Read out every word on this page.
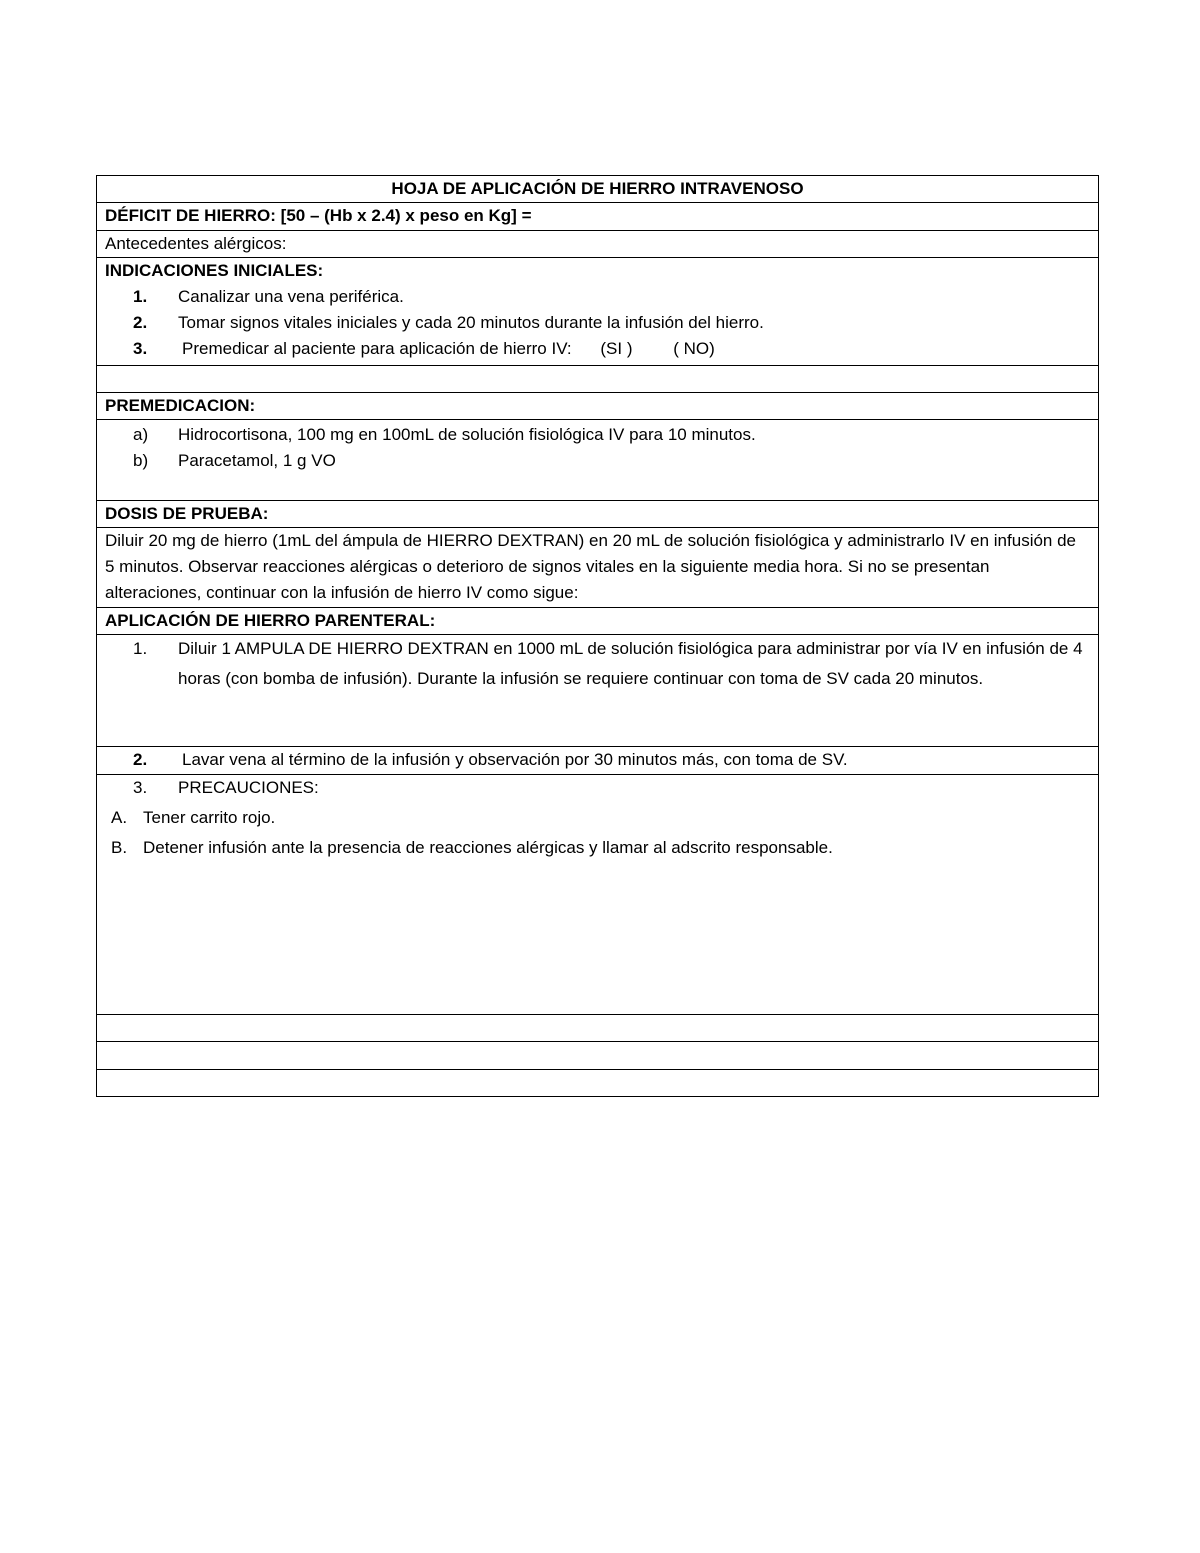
HOJA DE APLICACIÓN DE HIERRO INTRAVENOSO
DÉFICIT DE HIERRO: [50 – (Hb x 2.4) x peso en Kg] =
Antecedentes alérgicos:

INDICACIONES INICIALES:
1.	Canalizar una vena periférica.
2.	Tomar signos vitales iniciales y cada 20 minutos durante la infusión del hierro.
3.	Premedicar al paciente para aplicación de hierro IV: (SI ) ( NO)

PREMEDICACION:

a)	Hidrocortisona, 100 mg en 100mL de solución fisiológica IV para 10 minutos.
b)	Paracetamol, 1 g VO

DOSIS DE PRUEBA:
Diluir 20 mg de hierro (1mL del ámpula de HIERRO DEXTRAN) en 20 mL de solución fisiológica y administrarlo IV en infusión de 5 minutos. Observar reacciones alérgicas o deterioro de signos vitales en la siguiente media hora. Si no se presentan alteraciones, continuar con la infusión de hierro IV como sigue:
APLICACIÓN DE HIERRO PARENTERAL:

1.	Diluir 1 AMPULA DE HIERRO DEXTRAN en 1000 mL de solución fisiológica para administrar por vía IV en infusión de 4 horas (con bomba de infusión). Durante la infusión se requiere continuar con toma de SV cada 20 minutos.

2.	Lavar vena al término de la infusión y observación por 30 minutos más, con toma de SV.

3.	PRECAUCIONES:
A. Tener carrito rojo.
B. Detener infusión ante la presencia de reacciones alérgicas y llamar al adscrito responsable.
